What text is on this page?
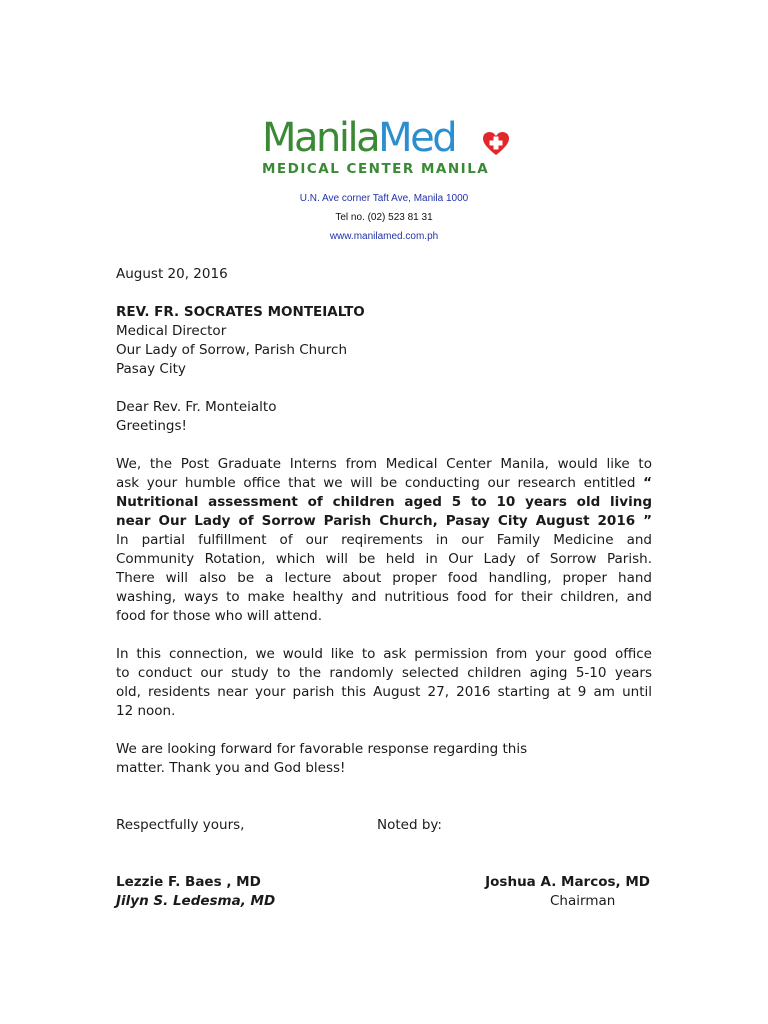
ManilaMed
MEDICAL CENTER MANILA
U.N. Ave corner Taft Ave, Manila 1000
Tel no. (02) 523 81 31
www.manilamed.com.ph
August 20, 2016
REV. FR. SOCRATES MONTEIALTO
Medical Director
Our Lady of Sorrow, Parish Church
Pasay City
Dear Rev. Fr. Monteialto
Greetings!
We, the Post Graduate Interns from Medical Center Manila, would like to
ask your humble office that we will be conducting our research entitled “
Nutritional assessment of children aged 5 to 10 years old living
near Our Lady of Sorrow Parish Church, Pasay City August 2016 ”
In partial fulfillment of our reqirements in our Family Medicine and
Community Rotation, which will be held in Our Lady of Sorrow Parish.
There will also be a lecture about proper food handling, proper hand
washing, ways to make healthy and nutritious food for their children, and
food for those who will attend.
In this connection, we would like to ask permission from your good office
to conduct our study to the randomly selected children aging 5-10 years
old, residents near your parish this August 27, 2016 starting at 9 am until
12 noon.
We are looking forward for favorable response regarding this
matter. Thank you and God bless!
Respectfully yours,	Noted by:
Lezzie F. Baes , MD
Jilyn S. Ledesma, MD
Joshua A. Marcos, MD
Chairman
